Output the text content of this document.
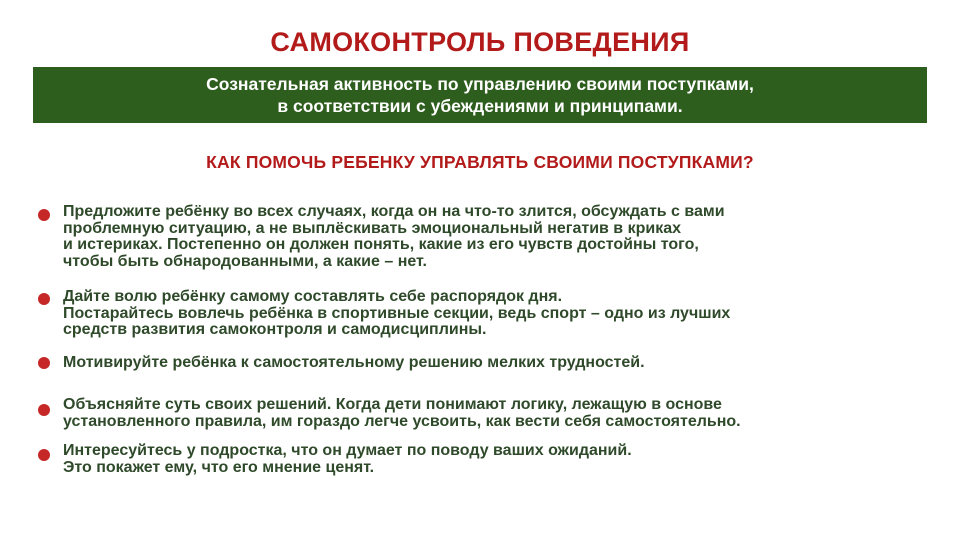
САМОКОНТРОЛЬ ПОВЕДЕНИЯ
Сознательная активность по управлению своими поступками,
в соответствии с убеждениями и принципами.
КАК ПОМОЧЬ РЕБЕНКУ УПРАВЛЯТЬ СВОИМИ ПОСТУПКАМИ?
Предложите ребёнку во всех случаях, когда он на что-то злится, обсуждать с вами
проблемную ситуацию, а не выплёскивать эмоциональный негатив в криках
и истериках. Постепенно он должен понять, какие из его чувств достойны того,
чтобы быть обнародованными, а какие – нет.
Дайте волю ребёнку самому составлять себе распорядок дня.
Постарайтесь вовлечь ребёнка в спортивные секции, ведь спорт – одно из лучших
средств развития самоконтроля и самодисциплины.
Мотивируйте ребёнка к самостоятельному решению мелких трудностей.
Объясняйте суть своих решений. Когда дети понимают логику, лежащую в основе
установленного правила, им гораздо легче усвоить, как вести себя самостоятельно.
Интересуйтесь у подростка, что он думает по поводу ваших ожиданий.
Это покажет ему, что его мнение ценят.
